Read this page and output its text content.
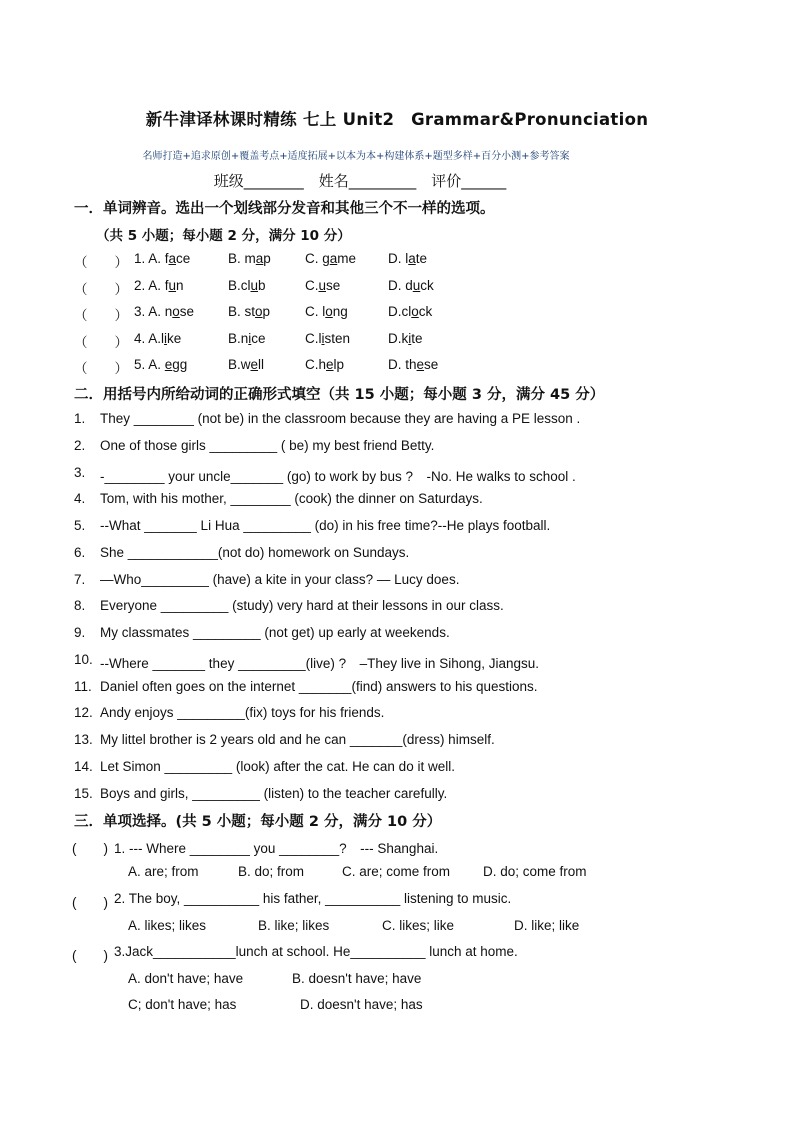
新牛津译林课时精练 七上 Unit2　Grammar&Pronunciation
名师打造+追求原创+覆盖考点+适度拓展+以本为本+构建体系+题型多样+百分小测+参考答案
班级________　姓名_________　评价______
一．单词辨音。选出一个划线部分发音和其他三个不一样的选项。
（共 5 小题；每小题 2 分，满分 10 分）
（　　） 1. A. face	B. map	C. game D. late
（　　） 2. A. fun	B.club	C.use	D. duck
（　　） 3. A. nose	B. stop	C. long	D.clock
（　　） 4. A.like	B.nice	C.listen	D.kite
（　　） 5. A. egg	B.well	C.help	D. these
二．用括号内所给动词的正确形式填空（共 15 小题；每小题 3 分，满分 45 分）
1. They ________ (not be) in the classroom because they are having a PE lesson .
2. One of those girls _________ ( be) my best friend Betty.
3. -________ your uncle_______ (go) to work by bus ?　-No. He walks to school .
4. Tom, with his mother, ________ (cook) the dinner on Saturdays.
5. --What _______ Li Hua _________ (do) in his free time?--He plays football.
6. She ____________(not do) homework on Sundays.
7. —Who_________ (have) a kite in your class? — Lucy does.
8. Everyone _________ (study) very hard at their lessons in our class.
9. My classmates _________ (not get) up early at weekends.
10. --Where _______ they _________(live) ?　–They live in Sihong, Jiangsu.
11. Daniel often goes on the internet _______(find) answers to his questions.
12. Andy enjoys _________(fix) toys for his friends.
13. My littel brother is 2 years old and he can _______(dress) himself.
14. Let Simon _________ (look) after the cat. He can do it well.
15. Boys and girls, _________ (listen) to the teacher carefully.
三．单项选择。(共 5 小题；每小题 2 分，满分 10 分）
(　　) 1. --- Where ________ you ________?　--- Shanghai.
A. are; from	B. do; from	C. are; come from D. do; come from
(　　) 2. The boy, __________ his father, __________ listening to music.
A. likes; likes	B. like; likes	C. likes; like	D. like; like
(　　) 3.Jack___________lunch at school. He__________ lunch at home.
A. don't have; have	B. doesn't have; have
C; don't have; has	D. doesn't have; has
